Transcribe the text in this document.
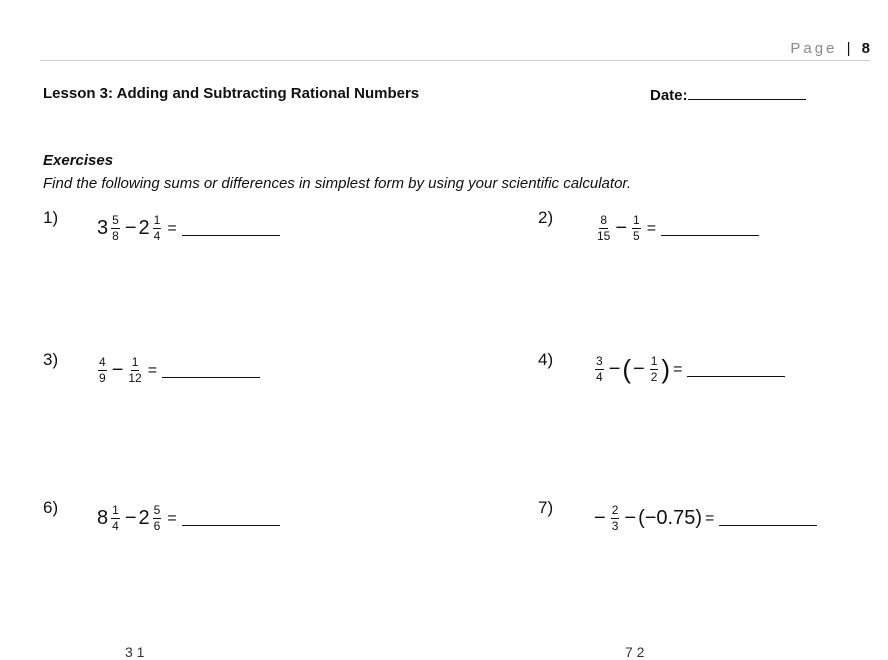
Page | 8
Lesson 3: Adding and Subtracting Rational Numbers	Date:
Exercises
Find the following sums or differences in simplest form by using your scientific calculator.
1) $3 \frac{5}{8} - 2 \frac{1}{4}$ =
2)	$\frac{8}{15} - \frac{1}{5}$ =
3)	$\frac{4}{9} - \frac{1}{12}$ =
4)	$\frac{3}{4}$ − ( − $\frac{1}{2}$ ) =
6) $8 \frac{1}{4} - 2 \frac{5}{6}$ =
$7) - \frac{2}{3} - (-0.75)$ =
3 1	7 2
